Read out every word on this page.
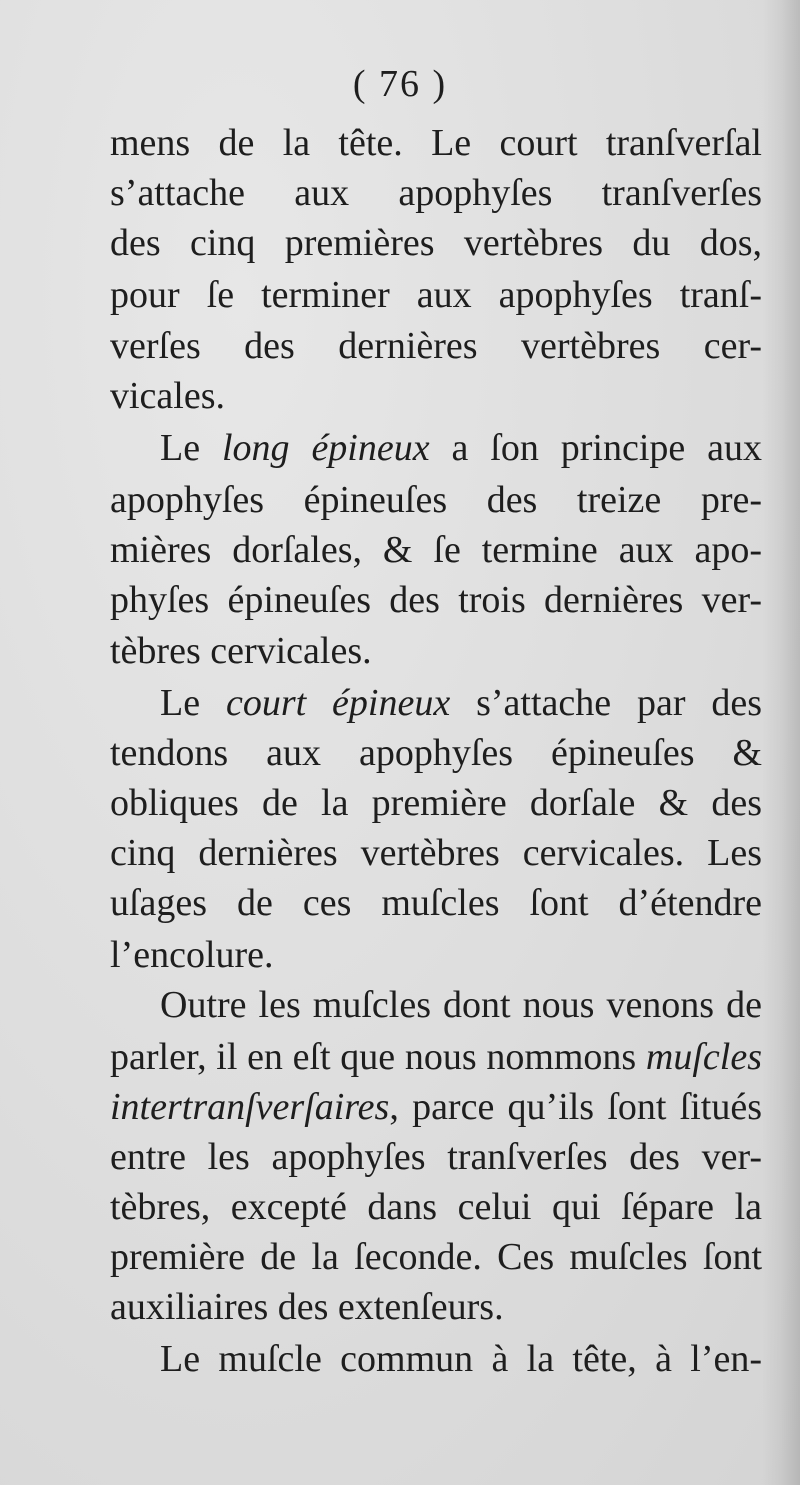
( 76 )
mens de la tête. Le court tranſverſal
s’attache aux apophyſes tranſverſes
des cinq premières vertèbres du dos,
pour ſe terminer aux apophyſes tranſ-
verſes des dernières vertèbres cer-
vicales.
Le long épineux a ſon principe aux
apophyſes épineuſes des treize pre-
mières dorſales, & ſe termine aux apo-
phyſes épineuſes des trois dernières ver-
tèbres cervicales.
Le court épineux s’attache par des
tendons aux apophyſes épineuſes &
obliques de la première dorſale & des
cinq dernières vertèbres cervicales. Les
uſages de ces muſcles ſont d’étendre
l’encolure.
Outre les muſcles dont nous venons de
parler, il en eſt que nous nommons muſcles
intertranſverſaires, parce qu’ils ſont ſitués
entre les apophyſes tranſverſes des ver-
tèbres, excepté dans celui qui ſépare la
première de la ſeconde. Ces muſcles ſont
auxiliaires des extenſeurs.
Le muſcle commun à la tête, à l’en-
